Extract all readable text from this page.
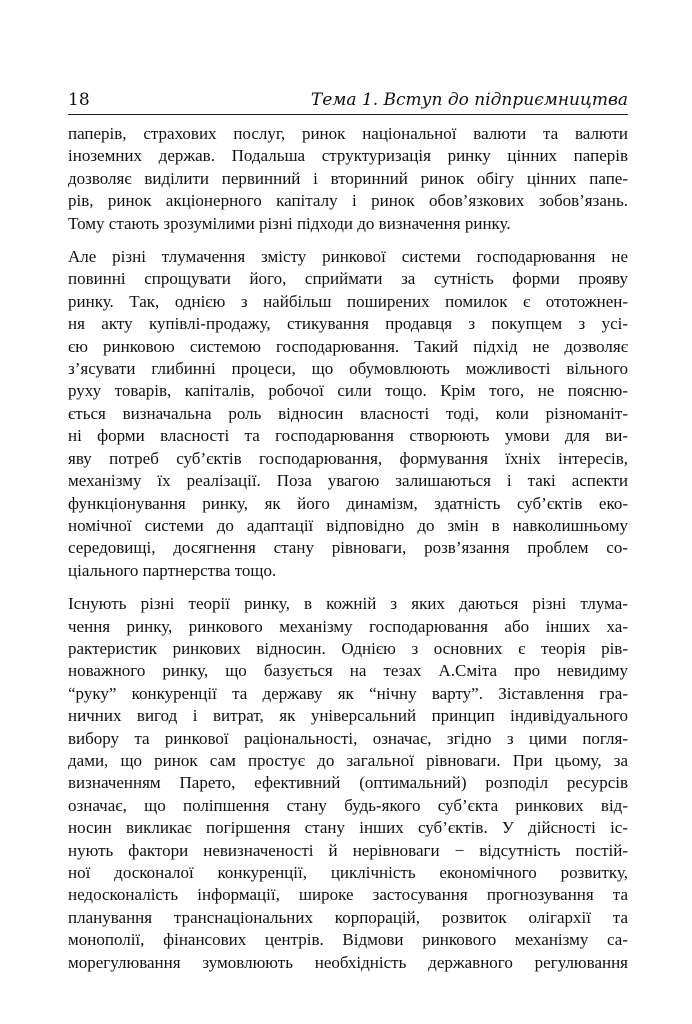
18	Тема 1. Вступ до підприємництва

паперів, страхових послуг, ринок національної валюти та валюти
іноземних держав. Подальша структуризація ринку цінних паперів
дозволяє виділити первинний і вторинний ринок обігу цінних папе-
рів, ринок акціонерного капіталу і ринок обов’язкових зобов’язань.
Тому стають зрозумілими різні підходи до визначення ринку.

Але різні тлумачення змісту ринкової системи господарювання не
повинні спрощувати його, сприймати за сутність форми прояву
ринку. Так, однією з найбільш поширених помилок є ототожнен-
ня акту купівлі-продажу, стикування продавця з покупцем з усі-
єю ринковою системою господарювання. Такий підхід не дозволяє
з’ясувати глибинні процеси, що обумовлюють можливості вільного
руху товарів, капіталів, робочої сили тощо. Крім того, не поясню-
ється визначальна роль відносин власності тоді, коли різноманіт-
ні форми власності та господарювання створюють умови для ви-
яву потреб суб’єктів господарювання, формування їхніх інтересів,
механізму їх реалізації. Поза увагою залишаються і такі аспекти
функціонування ринку, як його динамізм, здатність суб’єктів еко-
номічної системи до адаптації відповідно до змін в навколишньому
середовищі, досягнення стану рівноваги, розв’язання проблем со-
ціального партнерства тощо.

Існують різні теорії ринку, в кожній з яких даються різні тлума-
чення ринку, ринкового механізму господарювання або інших ха-
рактеристик ринкових відносин. Однією з основних є теорія рів-
новажного ринку, що базується на тезах А.Сміта про невидиму
“руку” конкуренції та державу як “нічну варту”. Зіставлення гра-
ничних вигод і витрат, як універсальний принцип індивідуального
вибору та ринкової раціональності, означає, згідно з цими погля-
дами, що ринок сам простує до загальної рівноваги. При цьому, за
визначенням Парето, ефективний (оптимальний) розподіл ресурсів
означає, що поліпшення стану будь-якого суб’єкта ринкових від-
носин викликає погіршення стану інших суб’єктів. У дійсності іс-
нують фактори невизначеності й нерівноваги − відсутність постій-
ної досконалої конкуренції, циклічність економічного розвитку,
недосконалість інформації, широке застосування прогнозування та
планування транснаціональних корпорацій, розвиток олігархії та
монополії, фінансових центрів. Відмови ринкового механізму са-
морегулювання зумовлюють необхідність державного регулювання
